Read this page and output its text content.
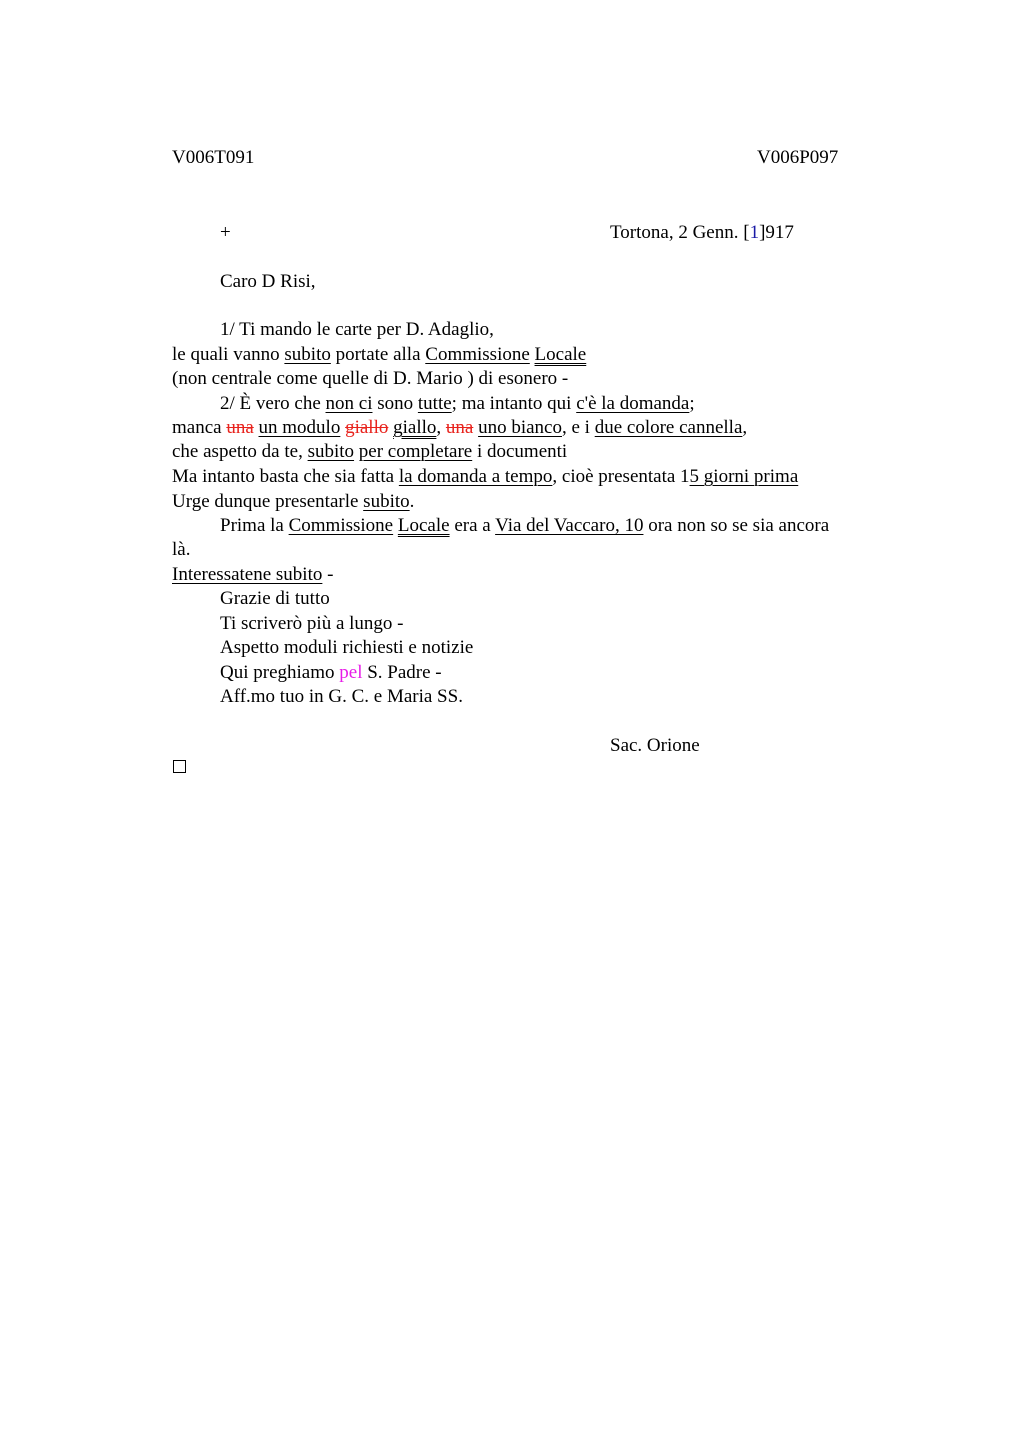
V006T091	V006P097
+	Tortona, 2 Genn. [1]917
Caro D Risi,
1/ Ti mando le carte per D. Adaglio,
le quali vanno subito portate alla Commissione Locale
(non centrale come quelle di D. Mario ) di esonero -
2/ È vero che non ci sono tutte; ma intanto qui c'è la domanda;
manca una un modulo giallo giallo, una uno bianco, e i due colore cannella,
che aspetto da te, subito per completare i documenti
Ma intanto basta che sia fatta la domanda a tempo, cioè presentata 15 giorni prima
Urge dunque presentarle subito.
Prima la Commissione Locale era a Via del Vaccaro, 10 ora non so se sia ancora
là.
Interessatene subito -
Grazie di tutto
Ti scriverò più a lungo -
Aspetto moduli richiesti e notizie
Qui preghiamo pel S. Padre -
Aff.mo tuo in G. C. e Maria SS.
Sac. Orione
